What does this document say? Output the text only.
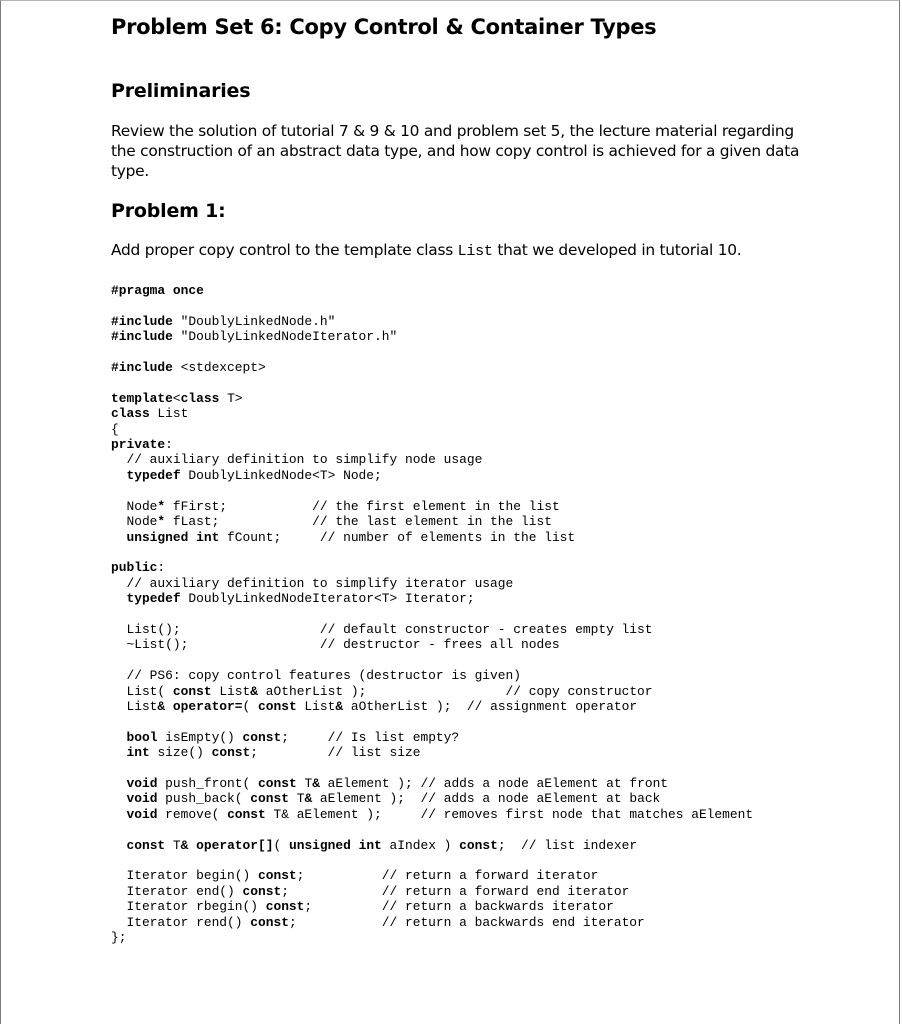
Problem Set 6: Copy Control & Container Types
Preliminaries
Review the solution of tutorial 7 & 9 & 10 and problem set 5, the lecture material regarding the construction of an abstract data type, and how copy control is achieved for a given data type.
Problem 1:
Add proper copy control to the template class List that we developed in tutorial 10.
#pragma once

#include "DoublyLinkedNode.h"
#include "DoublyLinkedNodeIterator.h"

#include <stdexcept>

template<class T>
class List
{
private:
// auxiliary definition to simplify node usage
typedef DoublyLinkedNode<T> Node;

Node* fFirst;           // the first element in the list
Node* fLast;            // the last element in the list
unsigned int fCount;     // number of elements in the list

public:
// auxiliary definition to simplify iterator usage
typedef DoublyLinkedNodeIterator<T> Iterator;

List();                  // default constructor - creates empty list
~List();                 // destructor - frees all nodes

// PS6: copy control features (destructor is given)
List( const List& aOtherList );                  // copy constructor
List& operator=( const List& aOtherList );  // assignment operator

bool isEmpty() const;     // Is list empty?
int size() const;         // list size

void push_front( const T& aElement ); // adds a node aElement at front
void push_back( const T& aElement );  // adds a node aElement at back
void remove( const T& aElement );     // removes first node that matches aElement

const T& operator[]( unsigned int aIndex ) const;  // list indexer

Iterator begin() const;          // return a forward iterator
Iterator end() const;            // return a forward end iterator
Iterator rbegin() const;         // return a backwards iterator
Iterator rend() const;           // return a backwards end iterator
};
